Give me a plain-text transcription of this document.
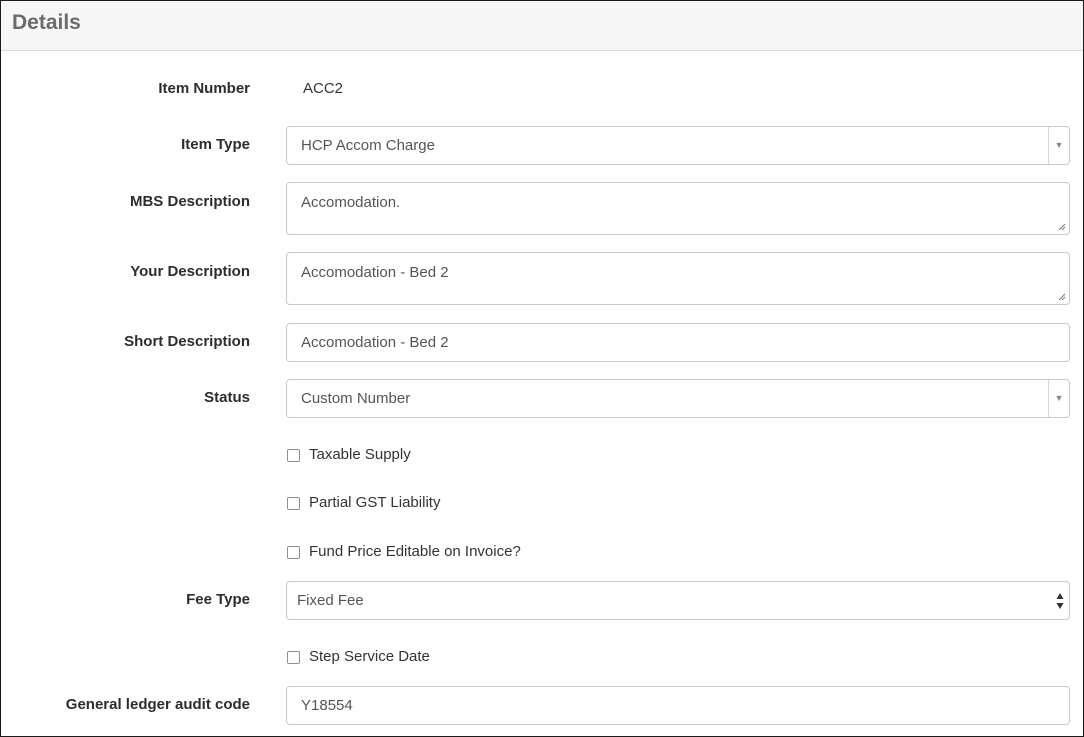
Details
Item Number	ACC2
Item Type	HCP Accom Charge	▼
MBS Description	Accomodation.
Your Description	Accomodation - Bed 2
Short Description	Accomodation - Bed 2
Status	Custom Number	▼
Taxable Supply
Partial GST Liability
Fund Price Editable on Invoice?
Fee Type	Fixed Fee
Step Service Date
General ledger audit code	Y18554
